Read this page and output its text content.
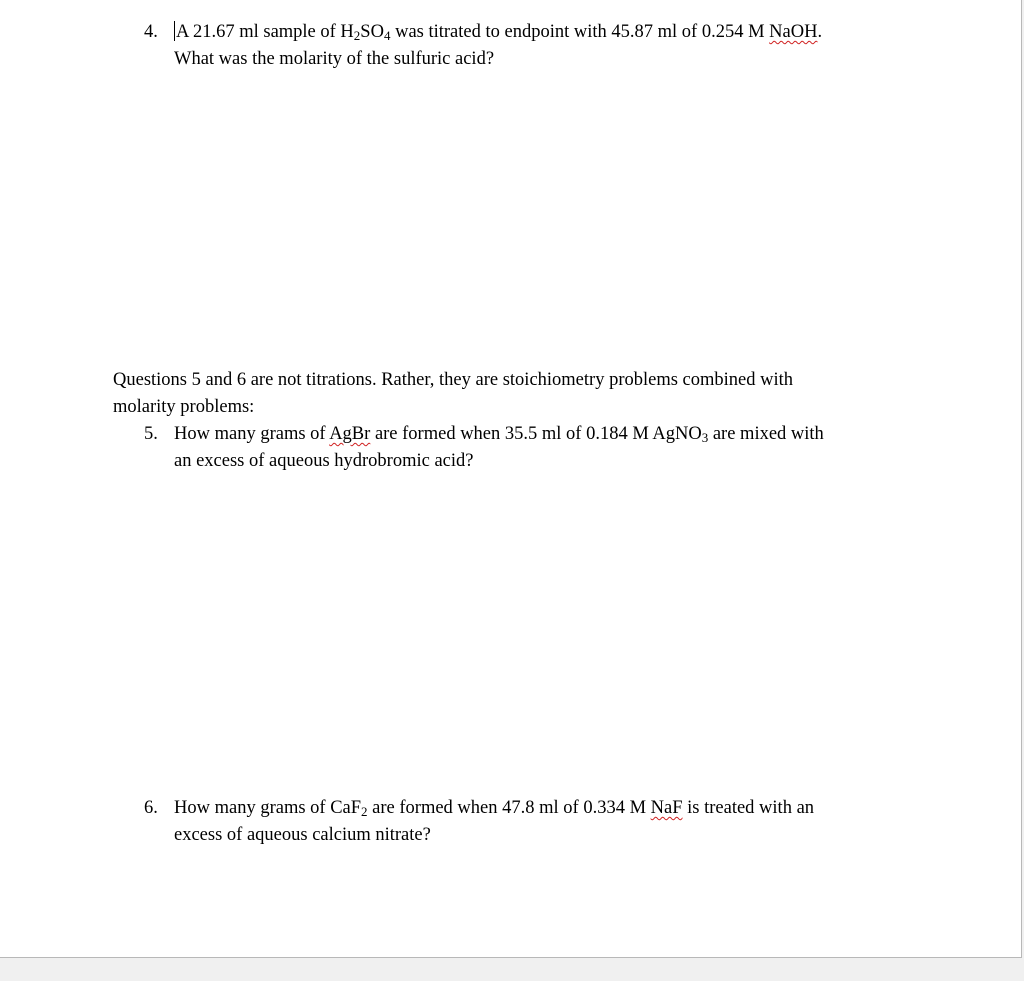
4. A 21.67 ml sample of $H_2SO_4$ was titrated to endpoint with 45.87 ml of 0.254 M NaOH.
What was the molarity of the sulfuric acid?
Questions 5 and 6 are not titrations. Rather, they are stoichiometry problems combined with
molarity problems:
5. How many grams of AgBr are formed when 35.5 ml of 0.184 M AgNO$_3$ are mixed with
an excess of aqueous hydrobromic acid?
6. How many grams of CaF$_2$ are formed when 47.8 ml of 0.334 M NaF is treated with an
excess of aqueous calcium nitrate?
